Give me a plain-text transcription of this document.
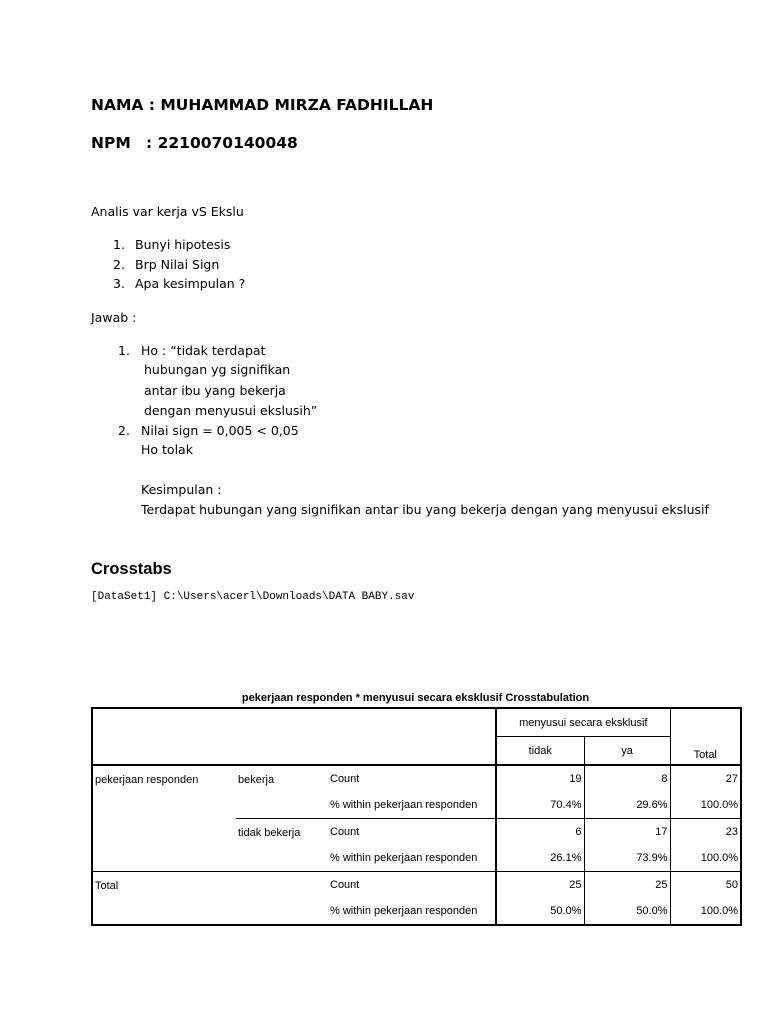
NAMA : MUHAMMAD MIRZA FADHILLAH
NPM : 2210070140048
Analis var kerja vS Ekslu
1. Bunyi hipotesis
2. Brp Nilai Sign
3. Apa kesimpulan ?
Jawab :
1. Ho : “tidak terdapat
hubungan yg signifikan
antar ibu yang bekerja
dengan menyusui ekslusih”
2. Nilai sign = 0,005 < 0,05
Ho tolak
Kesimpulan :
Terdapat hubungan yang signifikan antar ibu yang bekerja dengan yang menyusui ekslusif
Crosstabs
[DataSet1] C:\Users\acerl\Downloads\DATA BABY.sav
pekerjaan responden * menyusui secara eksklusif Crosstabulation
			menyusui secara eksklusif		Total
			tidak	ya	
pekerjaan responden	bekerja	Count	19	8	27
		% within pekerjaan responden	70.4%	29.6%	100.0%
	tidak bekerja	Count	6	17	23
		% within pekerjaan responden	26.1%	73.9%	100.0%
Total		Count	25	25	50
		% within pekerjaan responden	50.0%	50.0%	100.0%
